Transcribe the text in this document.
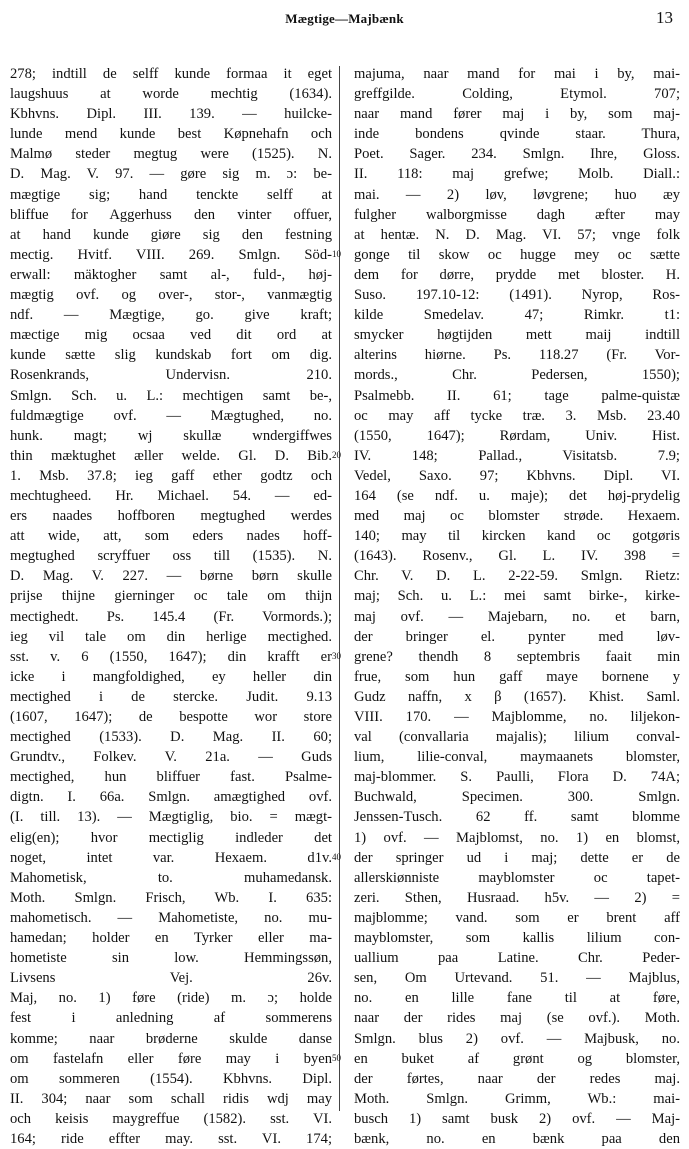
Mægtige—Majbænk	13
278; indtill de selff kunde formaa it eget
laugshuus at worde mechtig (1634).
Kbhvns. Dipl. III. 139. — huilcke-
lunde mend kunde best Køpnehafn och
Malmø steder megtug were (1525). N.
D. Mag. V. 97. — gøre sig m. ɔ: be-
mægtige sig; hand tenckte selff at
bliffue for Aggerhuss den vinter offuer,
at hand kunde giøre sig den festning
mectig. Hvitf. VIII. 269. Smlgn. Söd-
erwall: mäktogher samt al-, fuld-, høj-
mægtig ovf. og over-, stor-, vanmægtig
ndf. — Mægtige, go. give kraft;
mæctige mig ocsaa ved dit ord at
kunde sætte slig kundskab fort om dig.
Rosenkrands, Undervisn. 210.
Smlgn. Sch. u. L.: mechtigen samt be-,
fuldmægtige ovf. — Mægtughed, no.
hunk. magt; wj skullæ wndergiffwes
thin mæktughet æller welde. Gl. D. Bib.
1. Msb. 37.8; ieg gaff ether godtz och
mechtugheed. Hr. Michael. 54. — ed-
ers naades hoffboren megtughed werdes
att wide, att, som eders nades hoff-
megtughed scryffuer oss till (1535). N.
D. Mag. V. 227. — børne børn skulle
prijse thijne gierninger oc tale om thijn
mectighedt. Ps. 145.4 (Fr. Vormords.);
ieg vil tale om din herlige mectighed.
sst. v. 6 (1550, 1647); din krafft er
icke i mangfoldighed, ey heller din
mectighed i de stercke. Judit. 9.13
(1607, 1647); de bespotte wor store
mectighed (1533). D. Mag. II. 60;
Grundtv., Folkev. V. 21a. — Guds
mectighed, hun bliffuer fast. Psalme-
digtn. I. 66a. Smlgn. amægtighed ovf.
(I. till. 13). — Mægtiglig, bio. = mægt-
elig(en); hvor mectiglig indleder det
noget, intet var. Hexaem. d1v.
Mahometisk, to. muhamedansk.
Moth. Smlgn. Frisch, Wb. I. 635:
mahometisch. — Mahometiste, no. mu-
hamedan; holder en Tyrker eller ma-
hometiste sin low. Hemmingssøn,
Livsens Vej. 26v.
Maj, no. 1) føre (ride) m. ɔ; holde
fest i anledning af sommerens
komme; naar brøderne skulde danse
om fastelafn eller føre may i byen
om sommeren (1554). Kbhvns. Dipl.
II. 304; naar som schall ridis wdj may
och keisis maygreffue (1582). sst. VI.
164; ride effter may. sst. VI. 174;
majuma, naar mand for mai i by, mai-
greffgilde. Colding, Etymol. 707;
naar mand fører maj i by, som maj-
inde bondens qvinde staar. Thura,
Poet. Sager. 234. Smlgn. Ihre, Gloss.
II. 118: maj grefwe; Molb. Diall.:
mai. — 2) løv, løvgrene; huo æy
fulgher walborgmisse dagh æfter may
at hentæ. N. D. Mag. VI. 57; vnge folk
gonge til skow oc hugge mey oc sætte
dem for dørre, prydde met bloster. H.
Suso. 197.10-12: (1491). Nyrop, Ros-
kilde Smedelav. 47; Rimkr. t1:
smycker høgtijden mett maij indtill
alterins hiørne. Ps. 118.27 (Fr. Vor-
mords., Chr. Pedersen, 1550);
Psalmebb. II. 61; tage palme-quistæ
oc may aff tycke træ. 3. Msb. 23.40
(1550, 1647); Rørdam, Univ. Hist.
IV. 148; Pallad., Visitatsb. 7.9;
Vedel, Saxo. 97; Kbhvns. Dipl. VI.
164 (se ndf. u. maje); det høj-prydelig
med maj oc blomster strøde. Hexaem.
140; may til kircken kand oc gotgøris
(1643). Rosenv., Gl. L. IV. 398 =
Chr. V. D. L. 2-22-59. Smlgn. Rietz:
maj; Sch. u. L.: mei samt birke-, kirke-
maj ovf. — Majebarn, no. et barn,
der bringer el. pynter med løv-
grene? thendh 8 septembris faait min
frue, som hun gaff maye bornene y
Gudz naffn, x β (1657). Khist. Saml.
VIII. 170. — Majblomme, no. liljekon-
val (convallaria majalis); lilium conval-
lium, lilie-conval, maymaanets blomster,
maj-blommer. S. Paulli, Flora D. 74A;
Buchwald, Specimen. 300. Smlgn.
Jenssen-Tusch. 62 ff. samt blomme
1) ovf. — Majblomst, no. 1) en blomst,
der springer ud i maj; dette er de
allerskiønniste mayblomster oc tapet-
zeri. Sthen, Husraad. h5v. — 2) =
majblomme; vand. som er brent aff
mayblomster, som kallis lilium con-
uallium paa Latine. Chr. Peder-
sen, Om Urtevand. 51. — Majblus,
no. en lille fane til at føre,
naar der rides maj (se ovf.). Moth.
Smlgn. blus 2) ovf. — Majbusk, no.
en buket af grønt og blomster,
der førtes, naar der redes maj.
Moth. Smlgn. Grimm, Wb.: mai-
busch 1) samt busk 2) ovf. — Maj-
bænk, no. en bænk paa den
10
20
30
40
50
